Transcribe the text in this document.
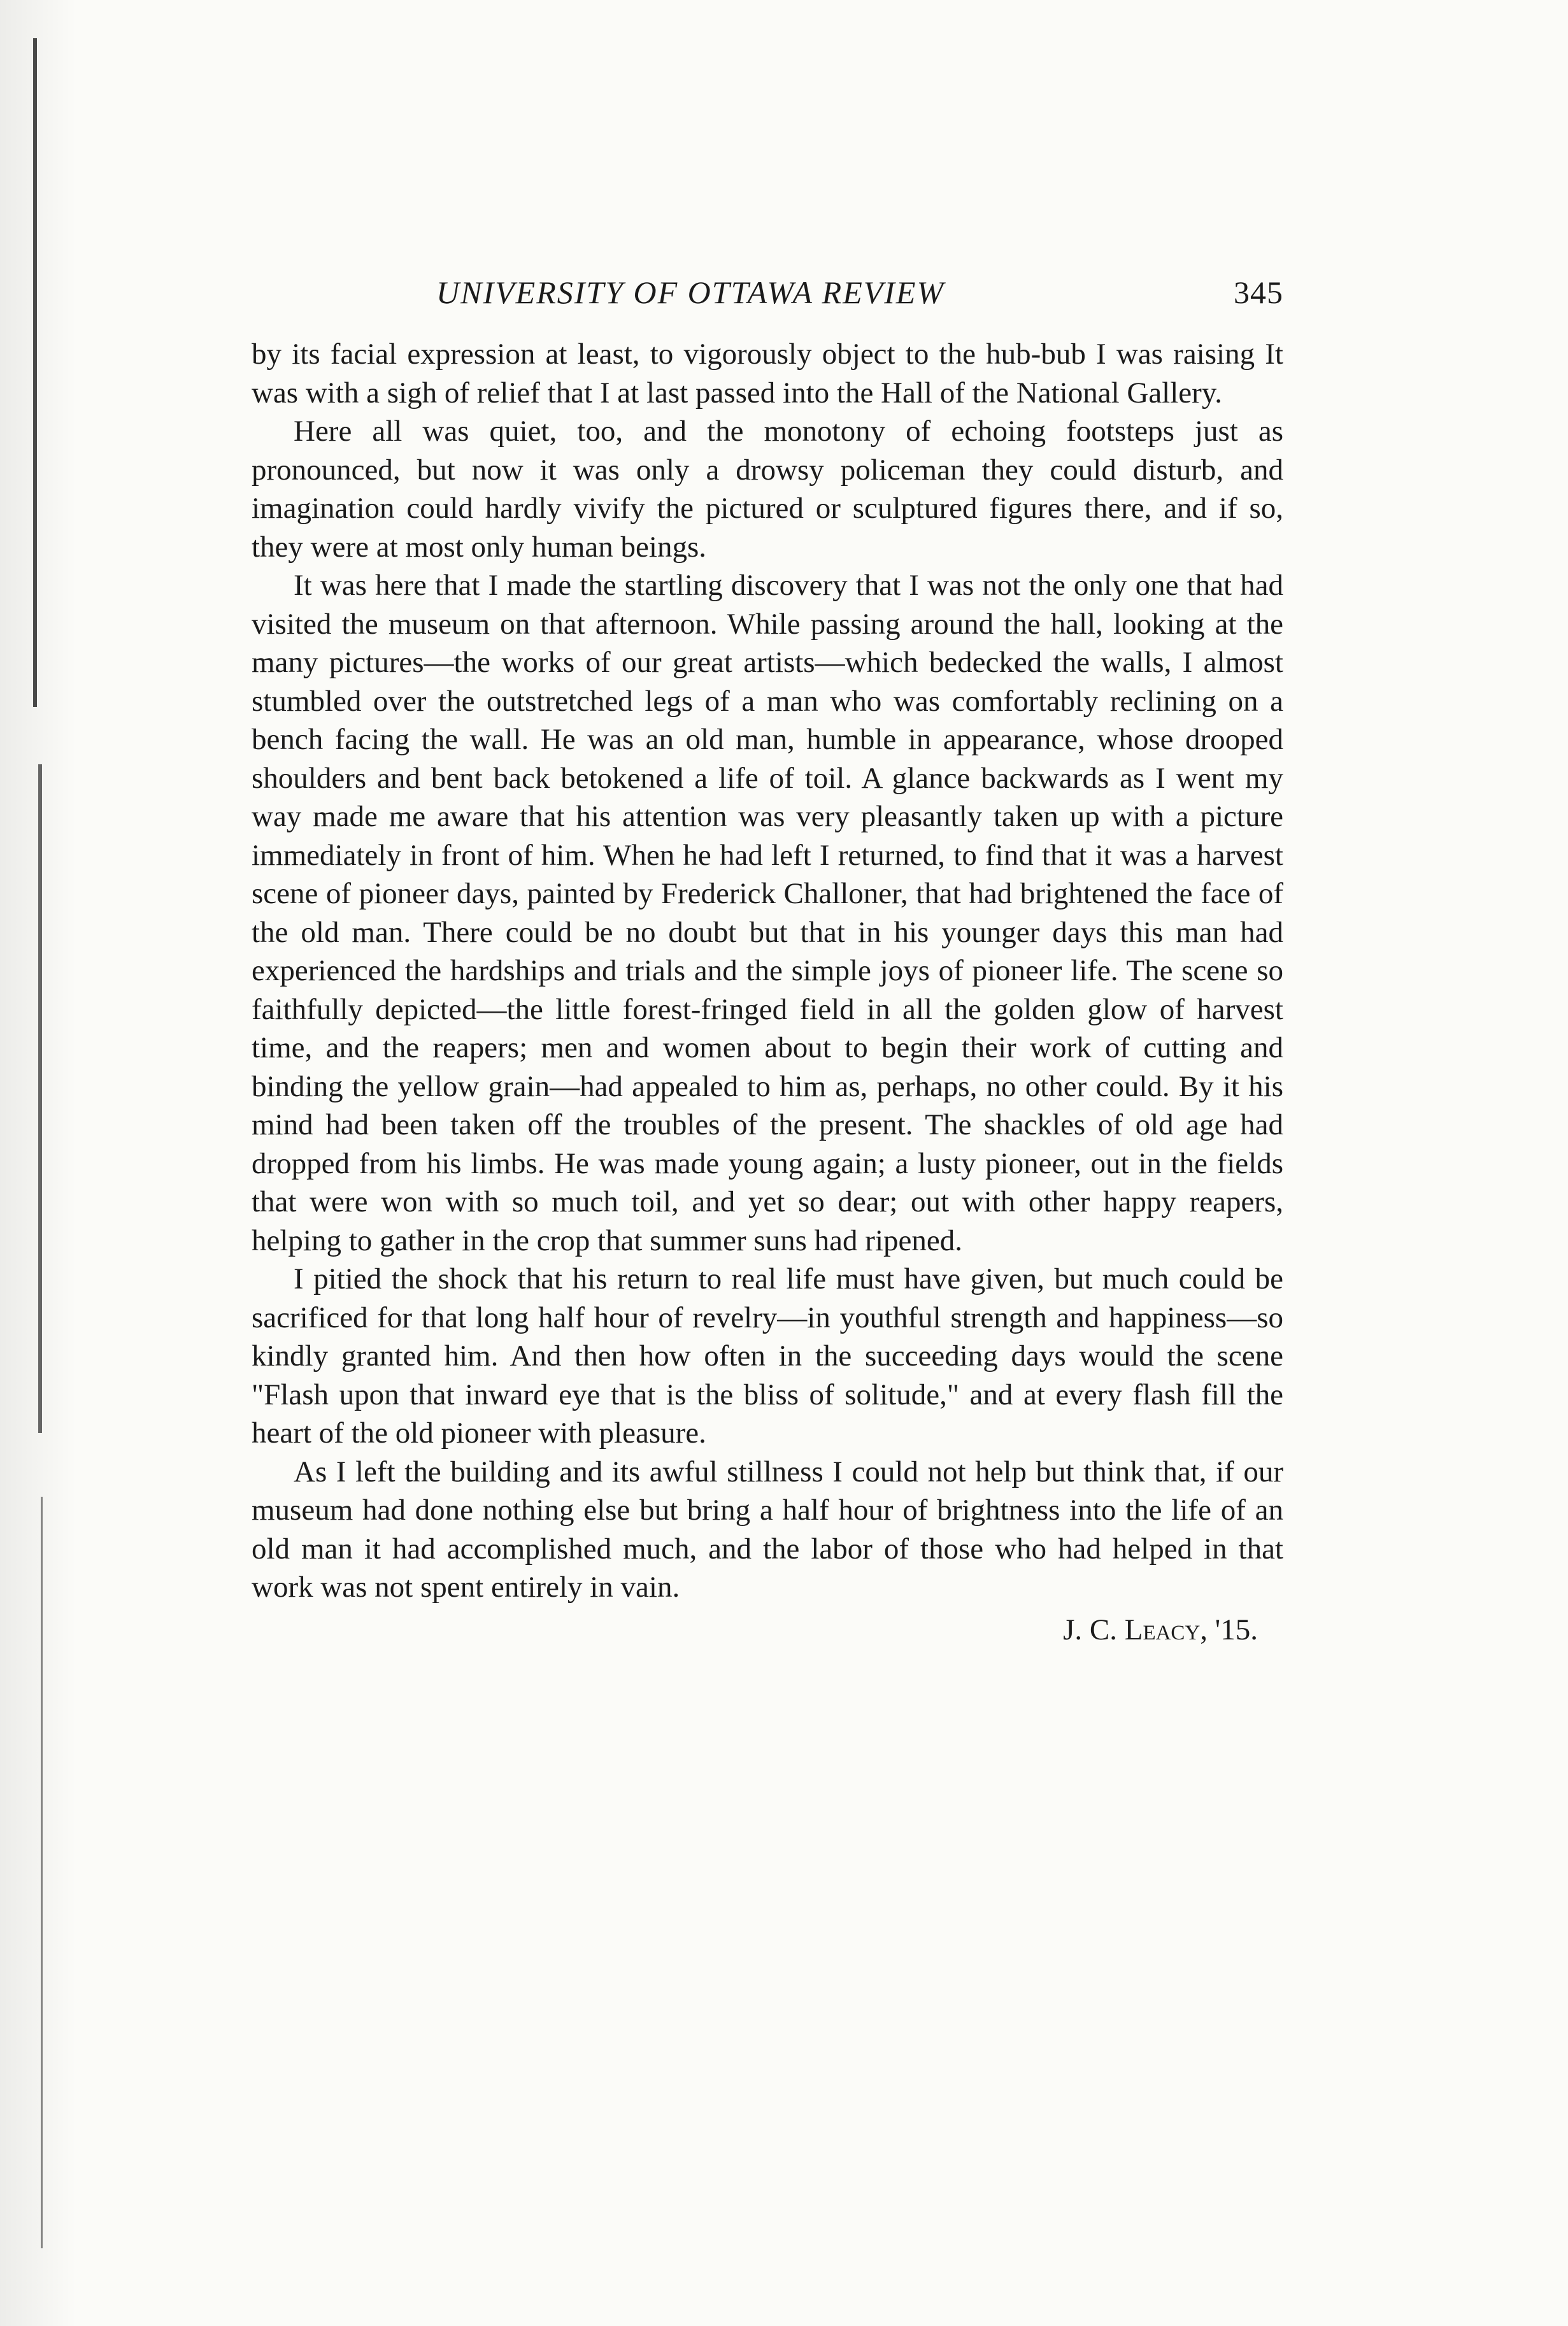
UNIVERSITY OF OTTAWA REVIEW	345

by its facial expression at least, to vigorously object to the hub-bub I was raising It was with a sigh of relief that I at last passed into the Hall of the National Gallery.

Here all was quiet, too, and the monotony of echoing footsteps just as pronounced, but now it was only a drowsy policeman they could disturb, and imagination could hardly vivify the pictured or sculptured figures there, and if so, they were at most only human beings.

It was here that I made the startling discovery that I was not the only one that had visited the museum on that afternoon. While passing around the hall, looking at the many pictures—the works of our great artists—which bedecked the walls, I almost stumbled over the outstretched legs of a man who was comfortably reclining on a bench facing the wall. He was an old man, humble in appearance, whose drooped shoulders and bent back betokened a life of toil. A glance backwards as I went my way made me aware that his attention was very pleasantly taken up with a picture immediately in front of him. When he had left I returned, to find that it was a harvest scene of pioneer days, painted by Frederick Challoner, that had brightened the face of the old man. There could be no doubt but that in his younger days this man had experienced the hardships and trials and the simple joys of pioneer life. The scene so faithfully depicted—the little forest-fringed field in all the golden glow of harvest time, and the reapers; men and women about to begin their work of cutting and binding the yellow grain—had appealed to him as, perhaps, no other could. By it his mind had been taken off the troubles of the present. The shackles of old age had dropped from his limbs. He was made young again; a lusty pioneer, out in the fields that were won with so much toil, and yet so dear; out with other happy reapers, helping to gather in the crop that summer suns had ripened.

I pitied the shock that his return to real life must have given, but much could be sacrificed for that long half hour of revelry—in youthful strength and happiness—so kindly granted him. And then how often in the succeeding days would the scene "Flash upon that inward eye that is the bliss of solitude," and at every flash fill the heart of the old pioneer with pleasure.

As I left the building and its awful stillness I could not help but think that, if our museum had done nothing else but bring a half hour of brightness into the life of an old man it had accomplished much, and the labor of those who had helped in that work was not spent entirely in vain.

J. C. Leacy, '15.
